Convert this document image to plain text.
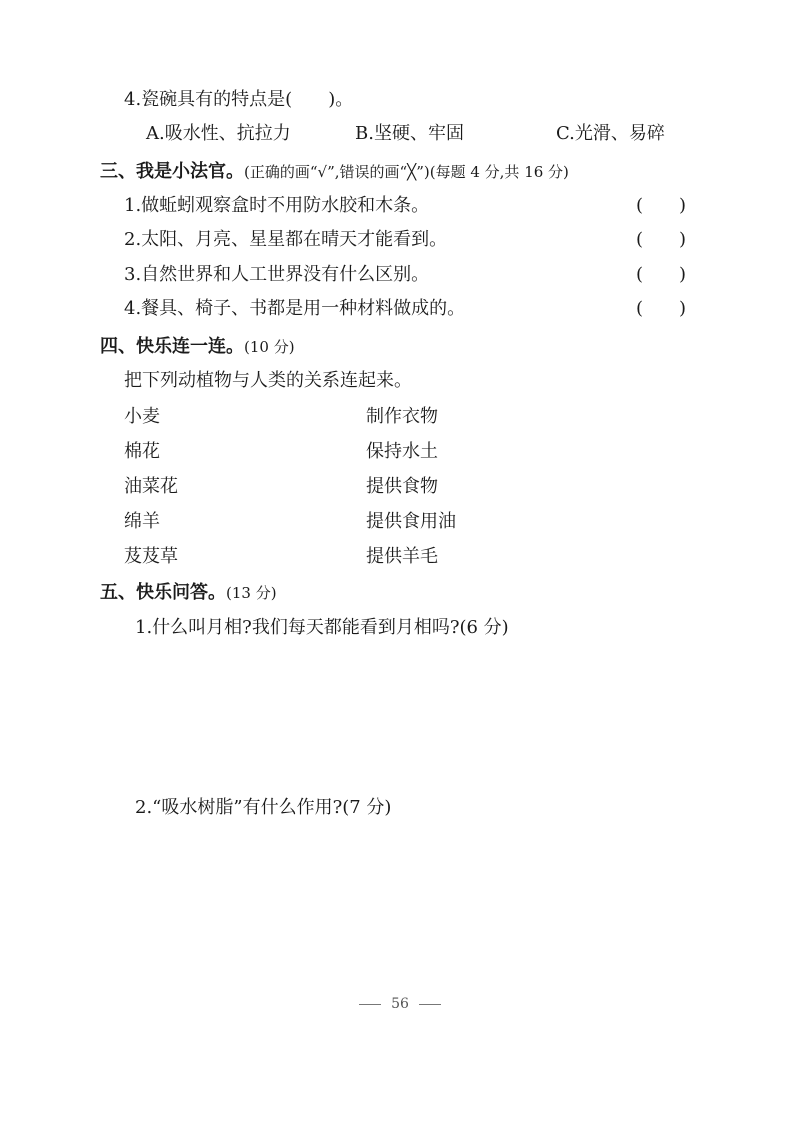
4.瓷碗具有的特点是(　　)。
A.吸水性、抗拉力	B.坚硬、牢固	C.光滑、易碎
三、我是小法官。(正确的画“√”,错误的画“╳”)(每题 4 分,共 16 分)
1.做蚯蚓观察盒时不用防水胶和木条。	(　　)
2.太阳、月亮、星星都在晴天才能看到。	(　　)
3.自然世界和人工世界没有什么区别。	(　　)
4.餐具、椅子、书都是用一种材料做成的。	(　　)
四、快乐连一连。(10 分)
把下列动植物与人类的关系连起来。
小麦	制作衣物
棉花	保持水土
油菜花	提供食物
绵羊	提供食用油
芨芨草	提供羊毛
五、快乐问答。(13 分)
1.什么叫月相?我们每天都能看到月相吗?(6 分)
2.“吸水树脂”有什么作用?(7 分)
56
